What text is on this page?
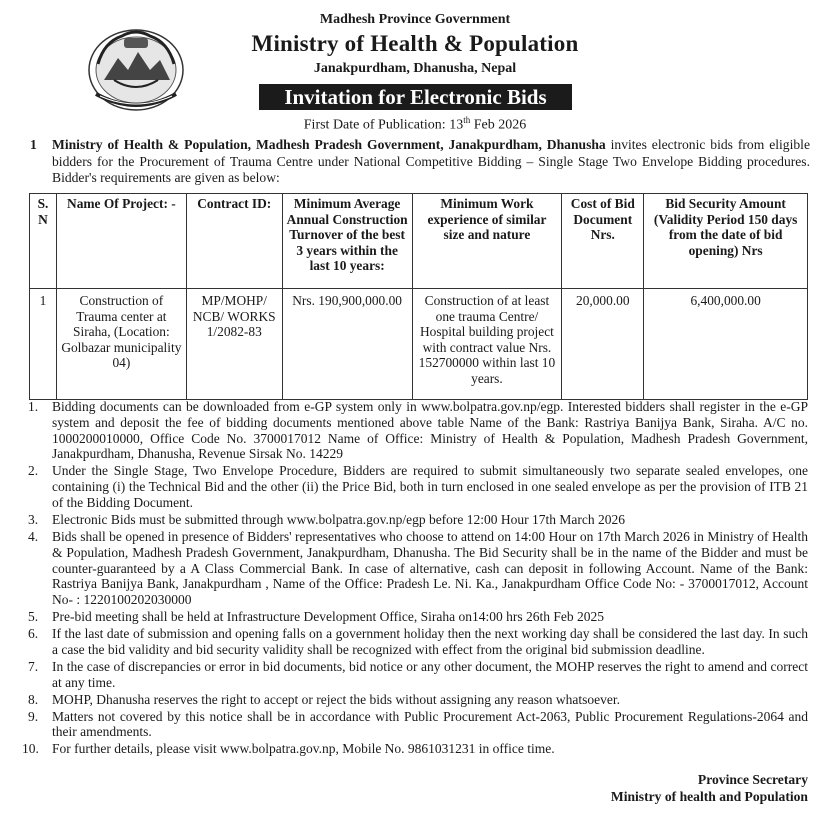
Madhesh Province Government
Ministry of Health & Population
Janakpurdham, Dhanusha, Nepal
Invitation for Electronic Bids
First Date of Publication: 13th Feb 2026
1	Ministry of Health & Population, Madhesh Pradesh Government, Janakpurdham, Dhanusha invites electronic bids from eligible bidders for the Procurement of Trauma Centre under National Competitive Bidding – Single Stage Two Envelope Bidding procedures. Bidder's requirements are given as below:
S. N	Name Of Project: -	Contract ID:	Minimum Average Annual Construction Turnover of the best 3 years within the last 10 years:	Minimum Work experience of similar size and nature	Cost of Bid Document Nrs.	Bid Security Amount (Validity Period 150 days from the date of bid opening) Nrs
1	Construction of Trauma center at Siraha, (Location: Golbazar municipality 04)	MP/MOHP/ NCB/ WORKS 1/2082-83	Nrs. 190,900,000.00	Construction of at least one trauma Centre/ Hospital building project with contract value Nrs. 152700000 within last 10 years.	20,000.00	6,400,000.00
1. Bidding documents can be downloaded from e-GP system only in www.bolpatra.gov.np/egp. Interested bidders shall register in the e-GP system and deposit the fee of bidding documents mentioned above table Name of the Bank: Rastriya Banijya Bank, Siraha. A/C no. 1000200010000, Office Code No. 3700017012 Name of Office: Ministry of Health & Population, Madhesh Pradesh Government, Janakpurdham, Dhanusha, Revenue Sirsak No. 14229
2. Under the Single Stage, Two Envelope Procedure, Bidders are required to submit simultaneously two separate sealed envelopes, one containing (i) the Technical Bid and the other (ii) the Price Bid, both in turn enclosed in one sealed envelope as per the provision of ITB 21 of the Bidding Document.
3. Electronic Bids must be submitted through www.bolpatra.gov.np/egp before 12:00 Hour 17th March 2026
4. Bids shall be opened in presence of Bidders' representatives who choose to attend on 14:00 Hour on 17th March 2026 in Ministry of Health & Population, Madhesh Pradesh Government, Janakpurdham, Dhanusha. The Bid Security shall be in the name of the Bidder and must be counter-guaranteed by a A Class Commercial Bank. In case of alternative, cash can deposit in following Account. Name of the Bank: Rastriya Banijya Bank, Janakpurdham , Name of the Office: Pradesh Le. Ni. Ka., Janakpurdham Office Code No: - 3700017012, Account No- : 1220100202030000
5. Pre-bid meeting shall be held at Infrastructure Development Office, Siraha on14:00 hrs 26th Feb 2025
6. If the last date of submission and opening falls on a government holiday then the next working day shall be considered the last day. In such a case the bid validity and bid security validity shall be recognized with effect from the original bid submission deadline.
7. In the case of discrepancies or error in bid documents, bid notice or any other document, the MOHP reserves the right to amend and correct at any time.
8. MOHP, Dhanusha reserves the right to accept or reject the bids without assigning any reason whatsoever.
9. Matters not covered by this notice shall be in accordance with Public Procurement Act-2063, Public Procurement Regulations-2064 and their amendments.
10. For further details, please visit www.bolpatra.gov.np, Mobile No. 9861031231 in office time.
Province Secretary
Ministry of health and Population
